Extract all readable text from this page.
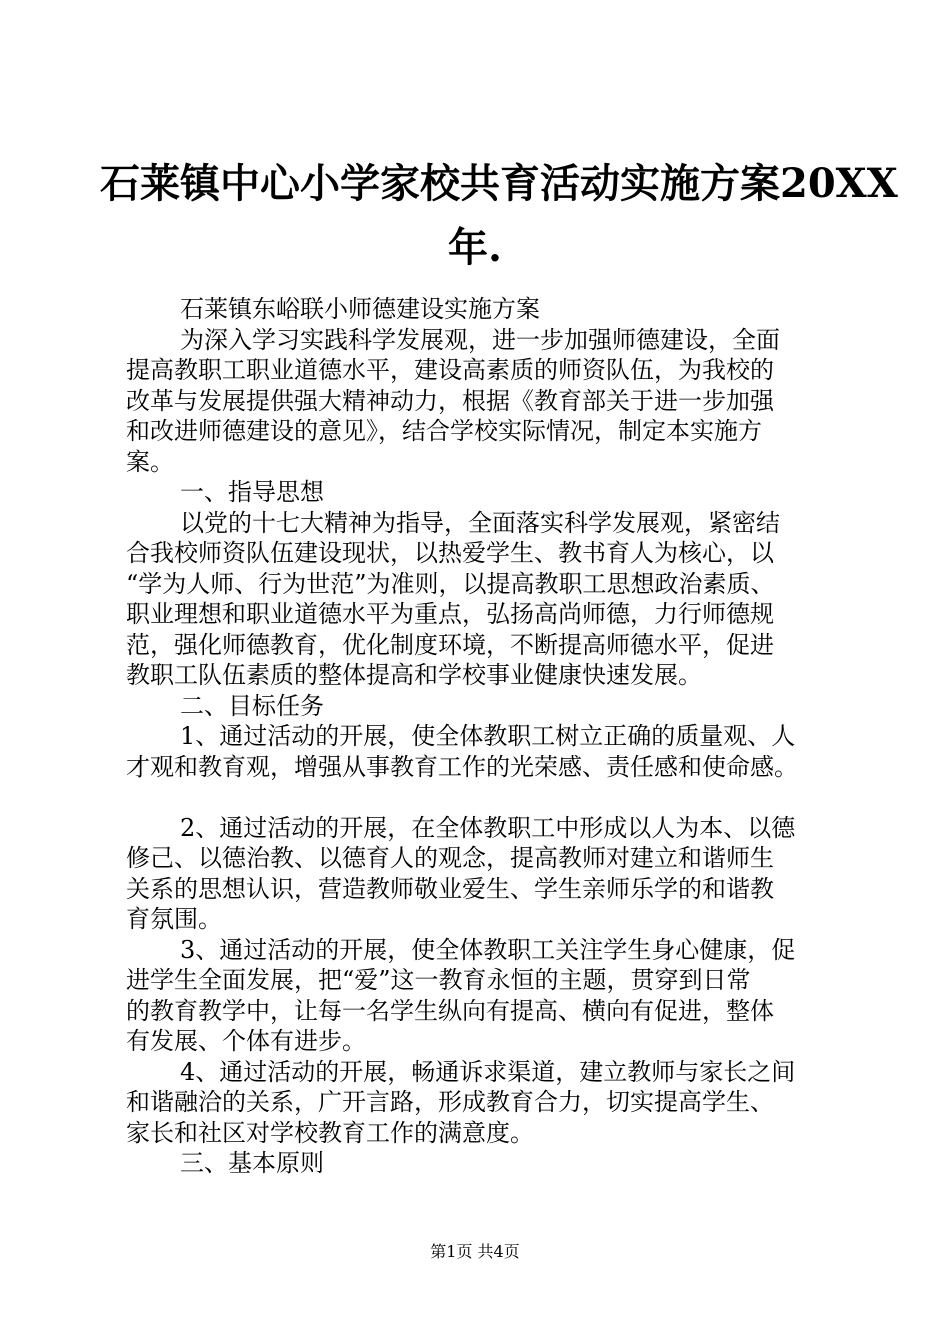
石莱镇中心小学家校共育活动实施方案20XX
年.
石莱镇东峪联小师德建设实施方案
为深入学习实践科学发展观，进一步加强师德建设，全面
提高教职工职业道德水平，建设高素质的师资队伍，为我校的
改革与发展提供强大精神动力，根据《教育部关于进一步加强
和改进师德建设的意见》，结合学校实际情况，制定本实施方
案。
一、指导思想
以党的十七大精神为指导，全面落实科学发展观，紧密结
合我校师资队伍建设现状，以热爱学生、教书育人为核心，以
“学为人师、行为世范”为准则，以提高教职工思想政治素质、
职业理想和职业道德水平为重点，弘扬高尚师德，力行师德规
范，强化师德教育，优化制度环境，不断提高师德水平，促进
教职工队伍素质的整体提高和学校事业健康快速发展。
二、目标任务
1、通过活动的开展，使全体教职工树立正确的质量观、人
才观和教育观，增强从事教育工作的光荣感、责任感和使命感。
2、通过活动的开展，在全体教职工中形成以人为本、以德
修己、以德治教、以德育人的观念，提高教师对建立和谐师生
关系的思想认识，营造教师敬业爱生、学生亲师乐学的和谐教
育氛围。
3、通过活动的开展，使全体教职工关注学生身心健康，促
进学生全面发展，把“爱”这一教育永恒的主题，贯穿到日常
的教育教学中，让每一名学生纵向有提高、横向有促进，整体
有发展、个体有进步。
4、通过活动的开展，畅通诉求渠道，建立教师与家长之间
和谐融洽的关系，广开言路，形成教育合力，切实提高学生、
家长和社区对学校教育工作的满意度。
三、基本原则
第1页 共4页
